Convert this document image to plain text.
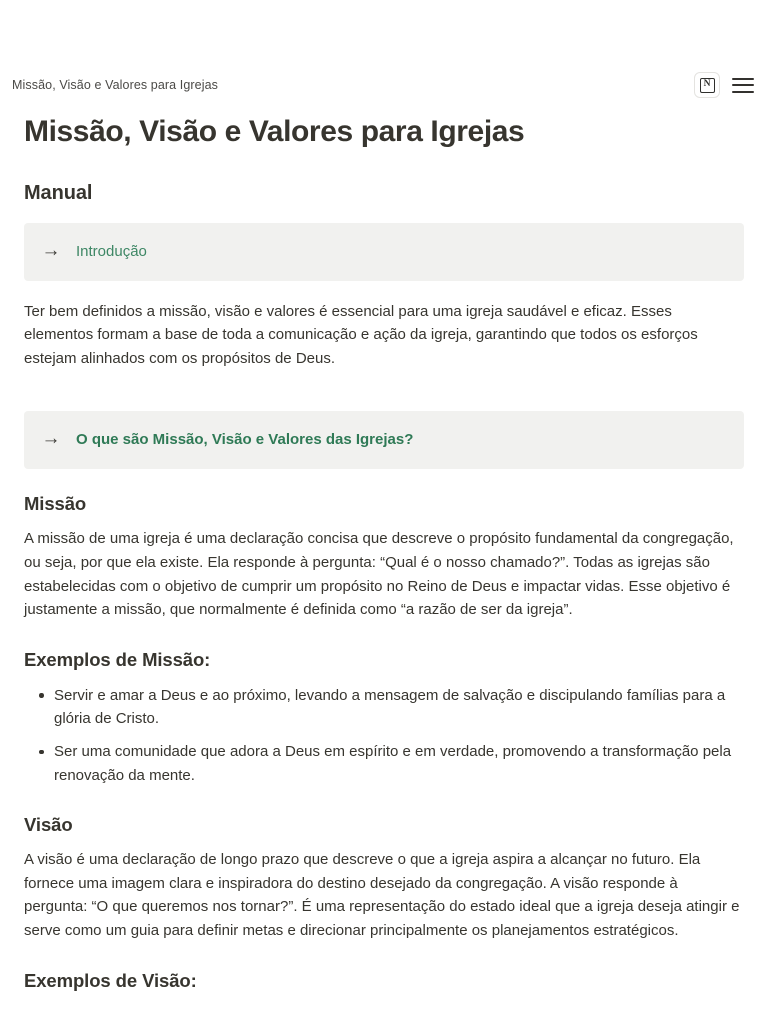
Missão, Visão e Valores para Igrejas	N
Missão, Visão e Valores para Igrejas
Manual
→ Introdução

Ter bem definidos a missão, visão e valores é essencial para uma igreja saudável e eficaz. Esses elementos formam a base de toda a comunicação e ação da igreja, garantindo que todos os esforços estejam alinhados com os propósitos de Deus.

→ O que são Missão, Visão e Valores das Igrejas?
Missão

A missão de uma igreja é uma declaração concisa que descreve o propósito fundamental da congregação, ou seja, por que ela existe. Ela responde à pergunta: “Qual é o nosso chamado?”. Todas as igrejas são estabelecidas com o objetivo de cumprir um propósito no Reino de Deus e impactar vidas. Esse objetivo é justamente a missão, que normalmente é definida como “a razão de ser da igreja”.

Exemplos de Missão:
Servir e amar a Deus e ao próximo, levando a mensagem de salvação e discipulando famílias para a glória de Cristo.
Ser uma comunidade que adora a Deus em espírito e em verdade, promovendo a transformação pela renovação da mente.
Visão

A visão é uma declaração de longo prazo que descreve o que a igreja aspira a alcançar no futuro. Ela fornece uma imagem clara e inspiradora do destino desejado da congregação. A visão responde à pergunta: “O que queremos nos tornar?”. É uma representação do estado ideal que a igreja deseja atingir e serve como um guia para definir metas e direcionar principalmente os planejamentos estratégicos.

Exemplos de Visão:
